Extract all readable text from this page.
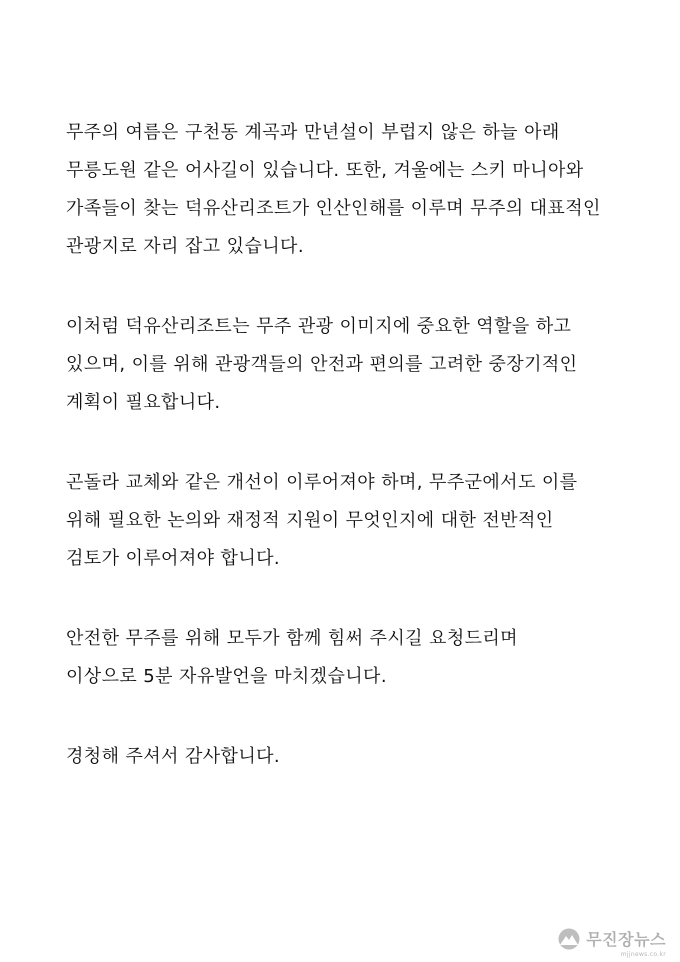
무주의 여름은 구천동 계곡과 만년설이 부럽지 않은 하늘 아래
무릉도원 같은 어사길이 있습니다. 또한, 겨울에는 스키 마니아와
가족들이 찾는 덕유산리조트가 인산인해를 이루며 무주의 대표적인
관광지로 자리 잡고 있습니다.

이처럼 덕유산리조트는 무주 관광 이미지에 중요한 역할을 하고
있으며, 이를 위해 관광객들의 안전과 편의를 고려한 중장기적인
계획이 필요합니다.

곤돌라 교체와 같은 개선이 이루어져야 하며, 무주군에서도 이를
위해 필요한 논의와 재정적 지원이 무엇인지에 대한 전반적인
검토가 이루어져야 합니다.

안전한 무주를 위해 모두가 함께 힘써 주시길 요청드리며
이상으로 5분 자유발언을 마치겠습니다.

경청해 주셔서 감사합니다.

무진장뉴스
mjjnews.co.kr
